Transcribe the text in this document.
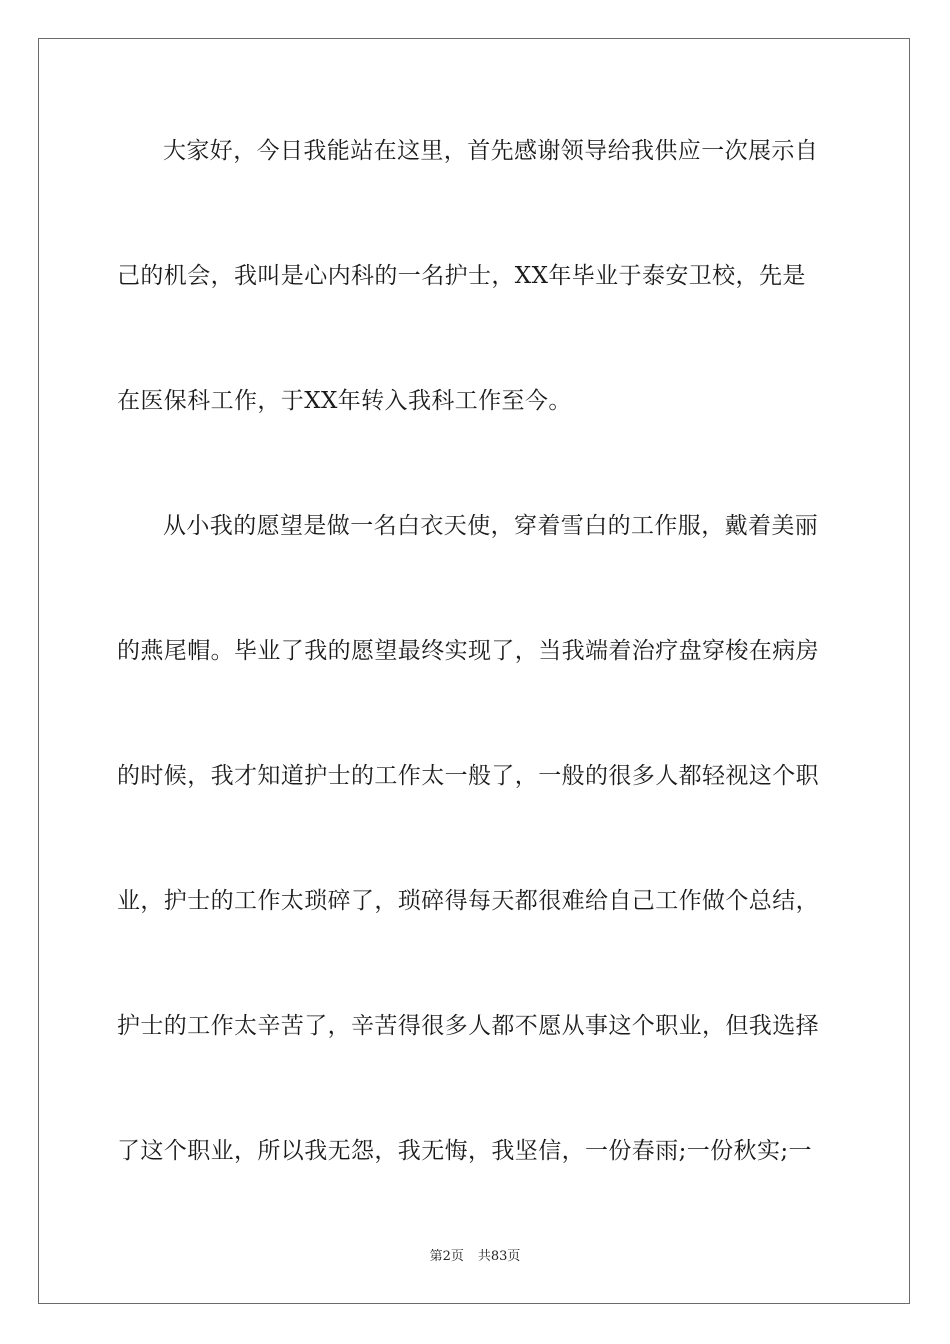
大家好，今日我能站在这里，首先感谢领导给我供应一次展示自
己的机会，我叫是心内科的一名护士，XX年毕业于泰安卫校，先是
在医保科工作，于XX年转入我科工作至今。
从小我的愿望是做一名白衣天使，穿着雪白的工作服，戴着美丽
的燕尾帽。毕业了我的愿望最终实现了，当我端着治疗盘穿梭在病房
的时候，我才知道护士的工作太一般了，一般的很多人都轻视这个职
业，护士的工作太琐碎了，琐碎得每天都很难给自己工作做个总结，
护士的工作太辛苦了，辛苦得很多人都不愿从事这个职业，但我选择
了这个职业，所以我无怨，我无悔，我坚信，一份春雨;一份秋实;一
第2页 共83页
